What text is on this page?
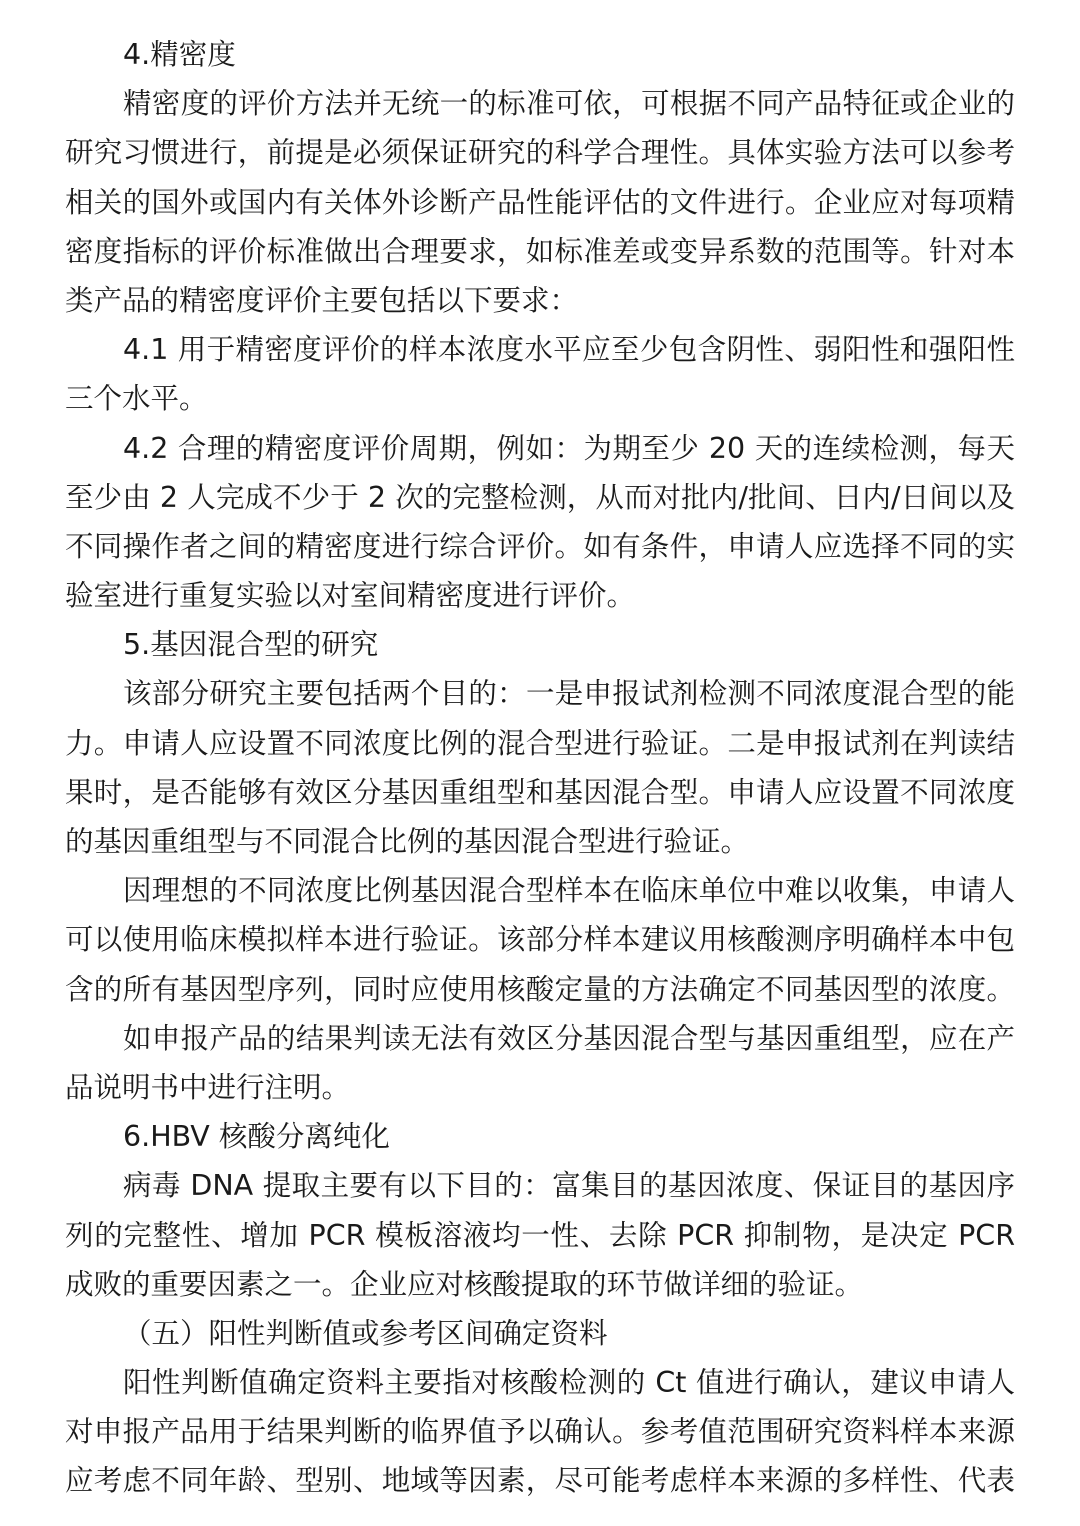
4.精密度
精密度的评价方法并无统一的标准可依，可根据不同产品特征或企业的
研究习惯进行，前提是必须保证研究的科学合理性。具体实验方法可以参考
相关的国外或国内有关体外诊断产品性能评估的文件进行。企业应对每项精
密度指标的评价标准做出合理要求，如标准差或变异系数的范围等。针对本
类产品的精密度评价主要包括以下要求：
4.1 用于精密度评价的样本浓度水平应至少包含阴性、弱阳性和强阳性
三个水平。
4.2 合理的精密度评价周期，例如：为期至少 20 天的连续检测，每天
至少由 2 人完成不少于 2 次的完整检测，从而对批内/批间、日内/日间以及
不同操作者之间的精密度进行综合评价。如有条件，申请人应选择不同的实
验室进行重复实验以对室间精密度进行评价。
5.基因混合型的研究
该部分研究主要包括两个目的：一是申报试剂检测不同浓度混合型的能
力。申请人应设置不同浓度比例的混合型进行验证。二是申报试剂在判读结
果时，是否能够有效区分基因重组型和基因混合型。申请人应设置不同浓度
的基因重组型与不同混合比例的基因混合型进行验证。
因理想的不同浓度比例基因混合型样本在临床单位中难以收集，申请人
可以使用临床模拟样本进行验证。该部分样本建议用核酸测序明确样本中包
含的所有基因型序列，同时应使用核酸定量的方法确定不同基因型的浓度。
如申报产品的结果判读无法有效区分基因混合型与基因重组型，应在产
品说明书中进行注明。
6.HBV 核酸分离纯化
病毒 DNA 提取主要有以下目的：富集目的基因浓度、保证目的基因序
列的完整性、增加 PCR 模板溶液均一性、去除 PCR 抑制物，是决定 PCR
成败的重要因素之一。企业应对核酸提取的环节做详细的验证。
（五）阳性判断值或参考区间确定资料
阳性判断值确定资料主要指对核酸检测的 Ct 值进行确认，建议申请人
对申报产品用于结果判断的临界值予以确认。参考值范围研究资料样本来源
应考虑不同年龄、型别、地域等因素，尽可能考虑样本来源的多样性、代表
